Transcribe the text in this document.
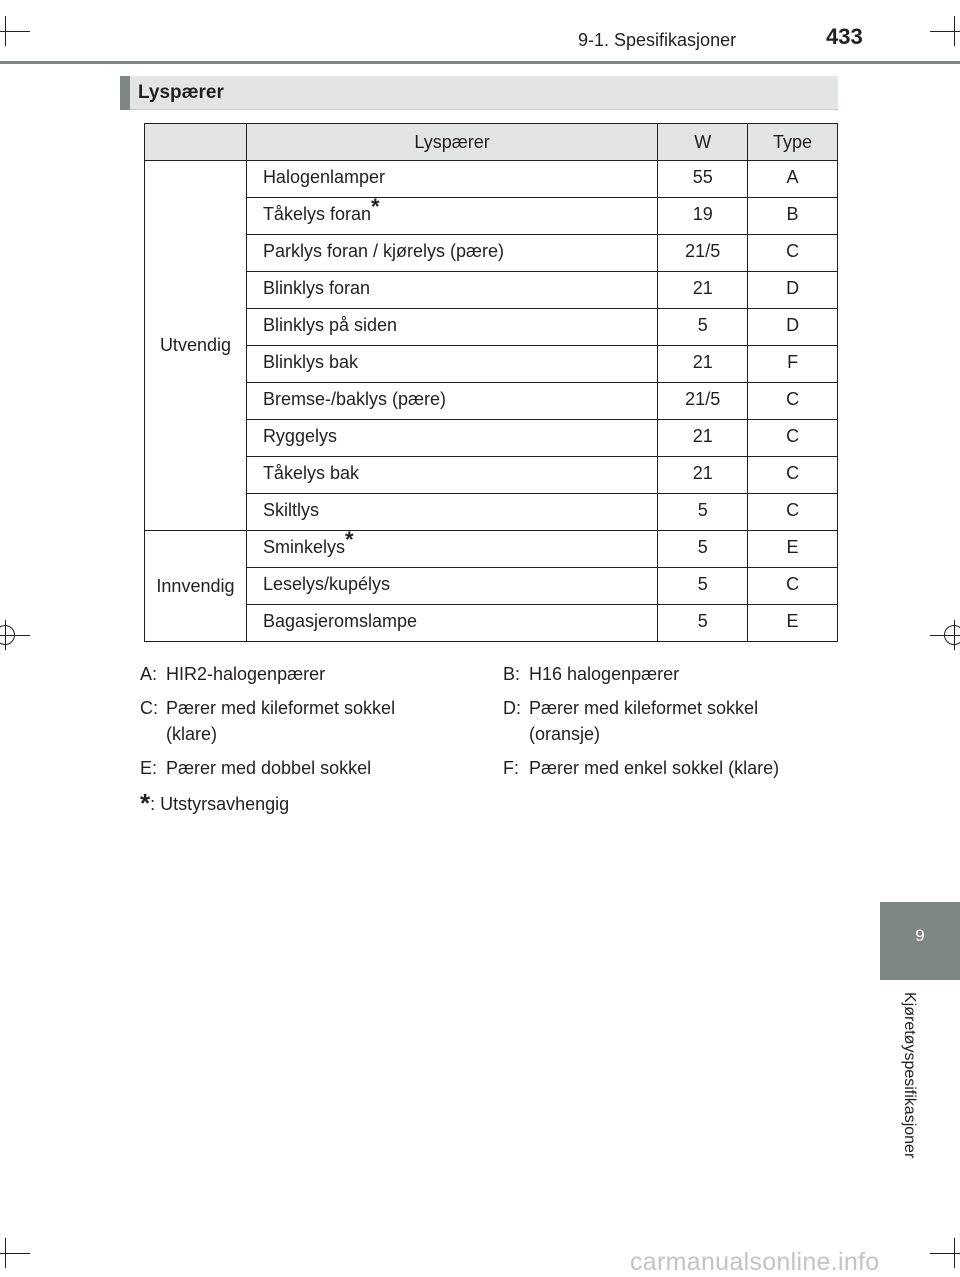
9-1. Spesifikasjoner	433
Lyspærer
	Lyspærer	W	Type
Utvendig	Halogenlamper	55	A
	Tåkelys foran*	19	B
	Parklys foran / kjørelys (pære)	21/5	C
	Blinklys foran	21	D
	Blinklys på siden	5	D
	Blinklys bak	21	F
	Bremse-/baklys (pære)	21/5	C
	Ryggelys	21	C
	Tåkelys bak	21	C
	Skiltlys	5	C
Innvendig	Sminkelys*	5	E
	Leselys/kupélys	5	C
	Bagasjeromslampe	5	E
A: HIR2-halogenpærer	B: H16 halogenpærer
C: Pærer med kileformet sokkel
(klare)
D: Pærer med kileformet sokkel
(oransje)
E: Pærer med dobbel sokkel	F: Pærer med enkel sokkel (klare)
*: Utstyrsavhengig
9
Kjøretøyspesifikasjoner
carmanualsonline.info
